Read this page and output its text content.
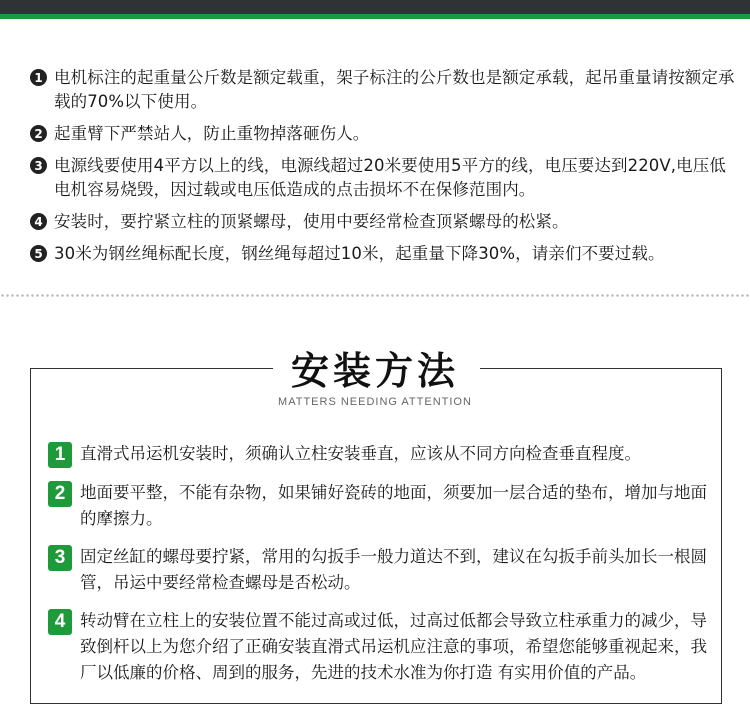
1 电机标注的起重量公斤数是额定载重，架子标注的公斤数也是额定承载，起吊重量请按额定承载的70%以下使用。
2 起重臂下严禁站人，防止重物掉落砸伤人。
3 电源线要使用4平方以上的线，电源线超过20米要使用5平方的线，电压要达到220V,电压低电机容易烧毁，因过载或电压低造成的点击损坏不在保修范围内。
4 安装时，要拧紧立柱的顶紧螺母，使用中要经常检查顶紧螺母的松紧。
5 30米为钢丝绳标配长度，钢丝绳每超过10米，起重量下降30%，请亲们不要过载。
安装方法
MATTERS NEEDING ATTENTION
1 直滑式吊运机安装时，须确认立柱安装垂直，应该从不同方向检查垂直程度。
2 地面要平整，不能有杂物，如果铺好瓷砖的地面，须要加一层合适的垫布，增加与地面的摩擦力。
3 固定丝缸的螺母要拧紧，常用的勾扳手一般力道达不到，建议在勾扳手前头加长一根圆管，吊运中要经常检查螺母是否松动。
4 转动臂在立柱上的安装位置不能过高或过低，过高过低都会导致立柱承重力的减少，导致倒杆以上为您介绍了正确安装直滑式吊运机应注意的事项，希望您能够重视起来，我厂以低廉的价格、周到的服务，先进的技术水准为你打造 有实用价值的产品。
